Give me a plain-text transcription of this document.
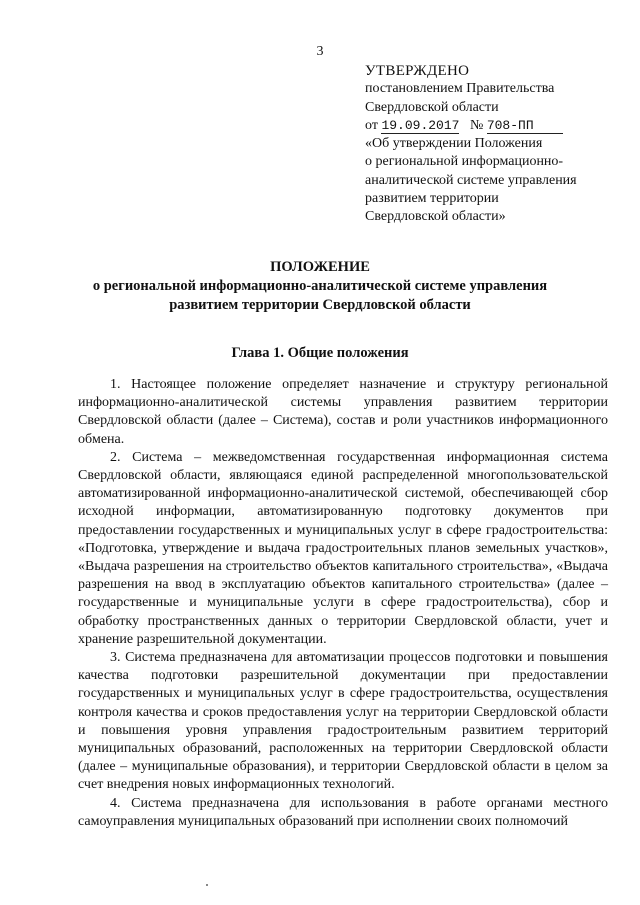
3
УТВЕРЖДЕНО
постановлением Правительства
Свердловской области
от 19.09.2017 № 708-ПП
«Об утверждении Положения
о региональной информационно-
аналитической системе управления
развитием территории
Свердловской области»
ПОЛОЖЕНИЕ
о региональной информационно-аналитической системе управления
развитием территории Свердловской области
Глава 1. Общие положения

1. Настоящее положение определяет назначение и структуру региональной информационно-аналитической системы управления развитием территории Свердловской области (далее – Система), состав и роли участников информационного обмена.

2. Система – межведомственная государственная информационная система Свердловской области, являющаяся единой распределенной многопользовательской автоматизированной информационно-аналитической системой, обеспечивающей сбор исходной информации, автоматизированную подготовку документов при предоставлении государственных и муниципальных услуг в сфере градостроительства: «Подготовка, утверждение и выдача градостроительных планов земельных участков», «Выдача разрешения на строительство объектов капитального строительства», «Выдача разрешения на ввод в эксплуатацию объектов капитального строительства» (далее – государственные и муниципальные услуги в сфере градостроительства), сбор и обработку пространственных данных о территории Свердловской области, учет и хранение разрешительной документации.

3. Система предназначена для автоматизации процессов подготовки и повышения качества подготовки разрешительной документации при предоставлении государственных и муниципальных услуг в сфере градостроительства, осуществления контроля качества и сроков предоставления услуг на территории Свердловской области и повышения уровня управления градостроительным развитием территорий муниципальных образований, расположенных на территории Свердловской области (далее – муниципальные образования), и территории Свердловской области в целом за счет внедрения новых информационных технологий.

4. Система предназначена для использования в работе органами местного самоуправления муниципальных образований при исполнении своих полномочий
